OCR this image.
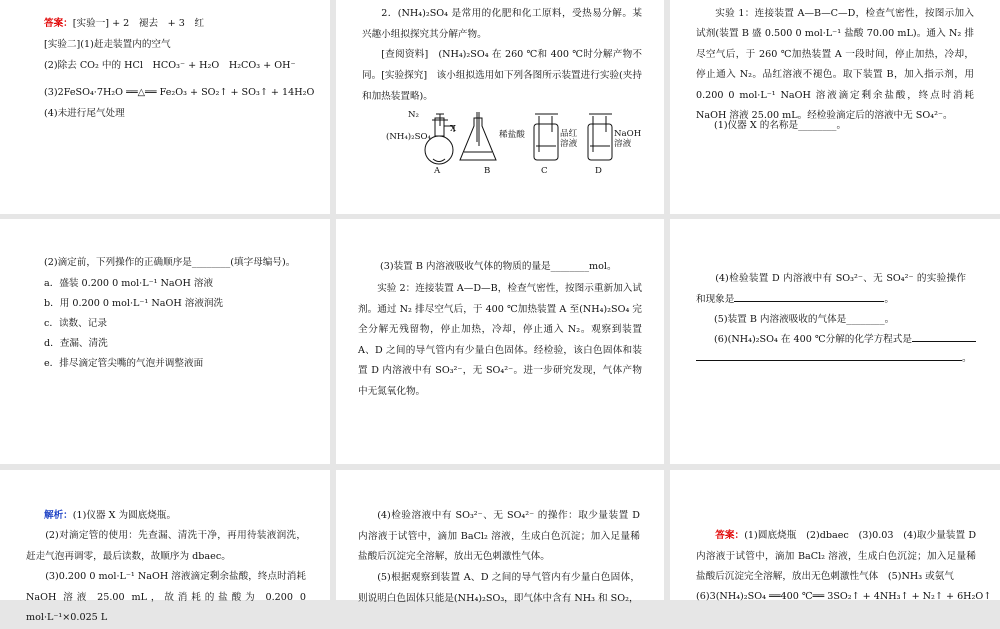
答案：[实验一] + 2　褪去　+ 3　红
[实验二](1)赶走装置内的空气
(2)除去 CO₂ 中的 HCl　HCO₃⁻ + H₂O　H₂CO₃ + OH⁻
(3)2FeSO₄·7H₂O ══△══ Fe₂O₃ + SO₂↑ + SO₃↑ + 14H₂O
(4)未进行尾气处理
2．(NH₄)₂SO₄ 是常用的化肥和化工原料，受热易分解。某兴趣小组拟探究其分解产物。
[查阅资料]　(NH₄)₂SO₄ 在 260 ℃和 400 ℃时分解产物不同。 [实验探究]　该小组拟选用如下列各图所示装置进行实验(夹持和加热装置略)。
N₂
(NH₄)₂SO₄
X
稀盐酸	品红溶液
NaOH溶液
A	B	C	D
实验 1：连接装置 A—B—C—D，检查气密性，按图示加入试剂(装置 B 盛 0.500 0 mol·L⁻¹ 盐酸 70.00 mL)。通入 N₂ 排尽空气后，于 260 ℃加热装置 A 一段时间，停止加热，冷却，停止通入 N₂。品红溶液不褪色。取下装置 B，加入指示剂，用 0.200 0 mol·L⁻¹ NaOH 溶液滴定剩余盐酸，终点时消耗 NaOH 溶液 25.00 mL。经检验滴定后的溶液中无 SO₄²⁻。
(1)仪器 X 的名称是________。
(2)滴定前，下列操作的正确顺序是________(填字母编号)。
a．盛装 0.200 0 mol·L⁻¹ NaOH 溶液
b．用 0.200 0 mol·L⁻¹ NaOH 溶液润洗
c．读数、记录
d．查漏、清洗
e．排尽滴定管尖嘴的气泡并调整液面
(3)装置 B 内溶液吸收气体的物质的量是________mol。
实验 2：连接装置 A—D—B，检查气密性，按图示重新加入试剂。通过 N₂ 排尽空气后，于 400 ℃加热装置 A 至(NH₄)₂SO₄ 完全分解无残留物，停止加热，冷却，停止通入 N₂。观察到装置 A、D 之间的导气管内有少量白色固体。经检验，该白色固体和装置 D 内溶液中有 SO₃²⁻，无 SO₄²⁻。进一步研究发现，气体产物中无氮氧化物。
(4)检验装置 D 内溶液中有 SO₃²⁻、无 SO₄²⁻ 的实验操作和现象是	。
(5)装置 B 内溶液吸收的气体是________。
(6)(NH₄)₂SO₄ 在 400 ℃分解的化学方程式是
。
解析：(1)仪器 X 为圆底烧瓶。
(2)对滴定管的使用：先查漏、清洗干净，再用待装液润洗，赶走气泡再调零，最后读数，故顺序为 dbaec。
(3)0.200 0 mol·L⁻¹ NaOH 溶液滴定剩余盐酸，终点时消耗 NaOH 溶液 25.00 mL，故消耗的盐酸为 0.200 0 mol·L⁻¹×0.025 L
(4)检验溶液中有 SO₃²⁻、无 SO₄²⁻ 的操作：取少量装置 D 内溶液于试管中，滴加 BaCl₂ 溶液，生成白色沉淀；加入足量稀盐酸后沉淀完全溶解，放出无色刺激性气体。
(5)根据观察到装置 A、D 之间的导气管内有少量白色固体，则说明白色固体只能是(NH₄)₂SO₃，即气体中含有 NH₃ 和 SO₂，
答案：(1)圆底烧瓶　(2)dbaec　(3)0.03　(4)取少量装置 D 内溶液于试管中，滴加 BaCl₂ 溶液，生成白色沉淀；加入足量稀盐酸后沉淀完全溶解，放出无色刺激性气体　(5)NH₃ 或氨气
(6)3(NH₄)₂SO₄ ══400 ℃══ 3SO₂↑ + 4NH₃↑ + N₂↑ + 6H₂O↑
